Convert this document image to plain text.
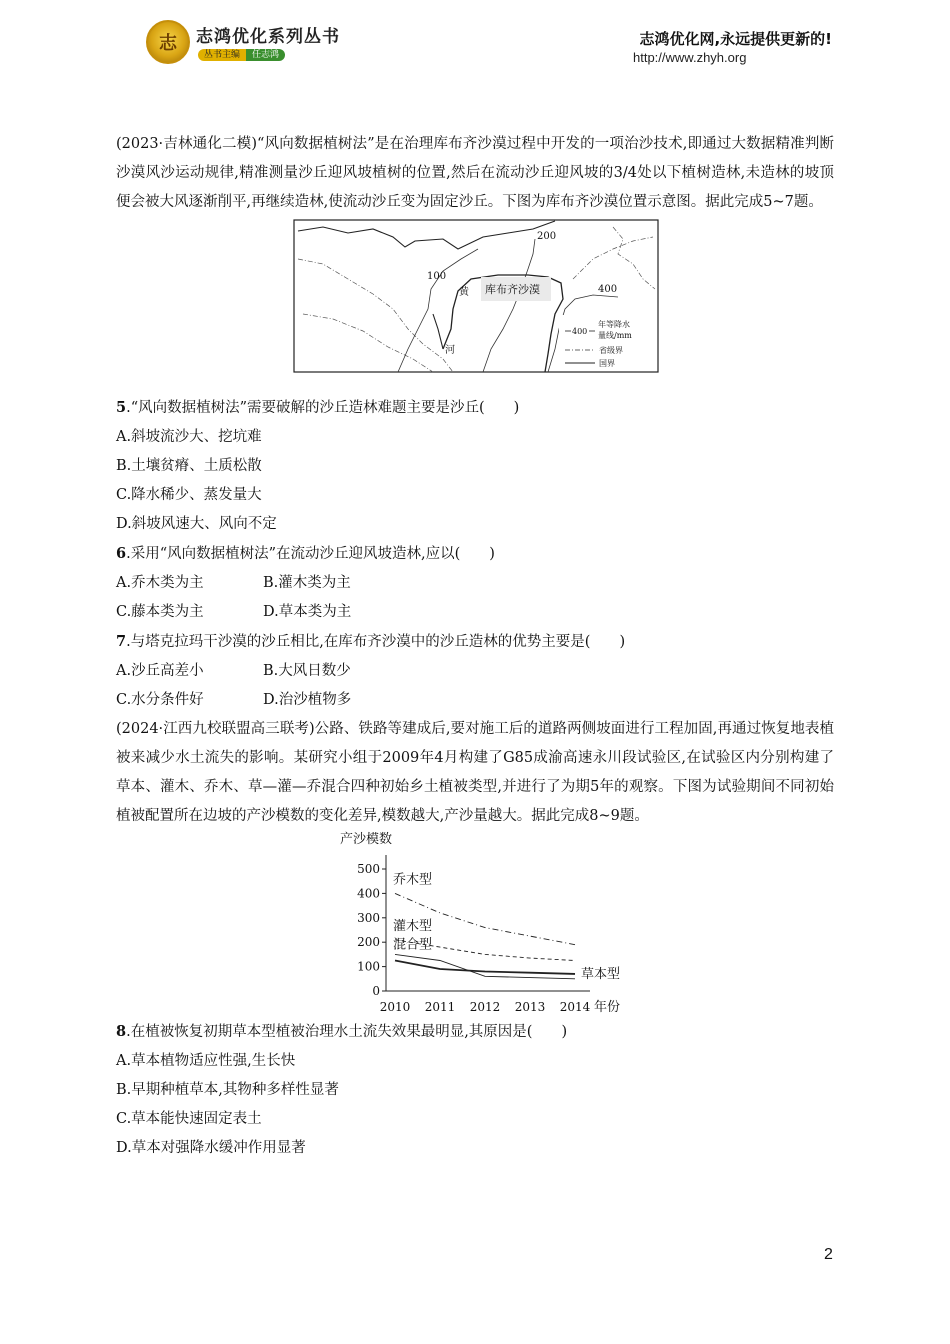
志 志鸿优化系列丛书
丛书主编 任志鸿
志鸿优化网,永远提供更新的!
http://www.zhyh.org

(2023·吉林通化二模)“风向数据植树法”是在治理库布齐沙漠过程中开发的一项治沙技术,即通过大数据精准判断沙漠风沙运动规律,精准测量沙丘迎风坡植树的位置,然后在流动沙丘迎风坡的3/4处以下植树造林,未造林的坡顶便会被大风逐渐削平,再继续造林,使流动沙丘变为固定沙丘。下图为库布齐沙漠位置示意图。据此完成5~7题。

库布齐沙漠
黄
河
100
200
400
400
年等降水
量线/mm
省级界
国界

5.“风向数据植树法”需要破解的沙丘造林难题主要是沙丘(　　)

A.斜坡流沙大、挖坑难

B.土壤贫瘠、土质松散

C.降水稀少、蒸发量大

D.斜坡风速大、风向不定

6.采用“风向数据植树法”在流动沙丘迎风坡造林,应以(　　)

A.乔木类为主	B.灌木类为主
C.藤本类为主	D.草本类为主

7.与塔克拉玛干沙漠的沙丘相比,在库布齐沙漠中的沙丘造林的优势主要是(　　)

A.沙丘高差小	B.大风日数少
C.水分条件好	D.治沙植物多

(2024·江西九校联盟高三联考)公路、铁路等建成后,要对施工后的道路两侧坡面进行工程加固,再通过恢复地表植被来减少水土流失的影响。某研究小组于2009年4月构建了G85成渝高速永川段试验区,在试验区内分别构建了草本、灌木、乔木、草—灌—乔混合四种初始乡土植被类型,并进行了为期5年的观察。下图为试验期间不同初始植被配置所在边坡的产沙模数的变化差异,模数越大,产沙量越大。据此完成8~9题。

产沙模数
年份
0
100
200
300
400
500
2010 2011 2012 2013 2014
乔木型
灌木型
混合型
草本型

8.在植被恢复初期草本型植被治理水土流失效果最明显,其原因是(　　)

A.草本植物适应性强,生长快

B.早期种植草本,其物种多样性显著

C.草本能快速固定表土

D.草本对强降水缓冲作用显著

2
